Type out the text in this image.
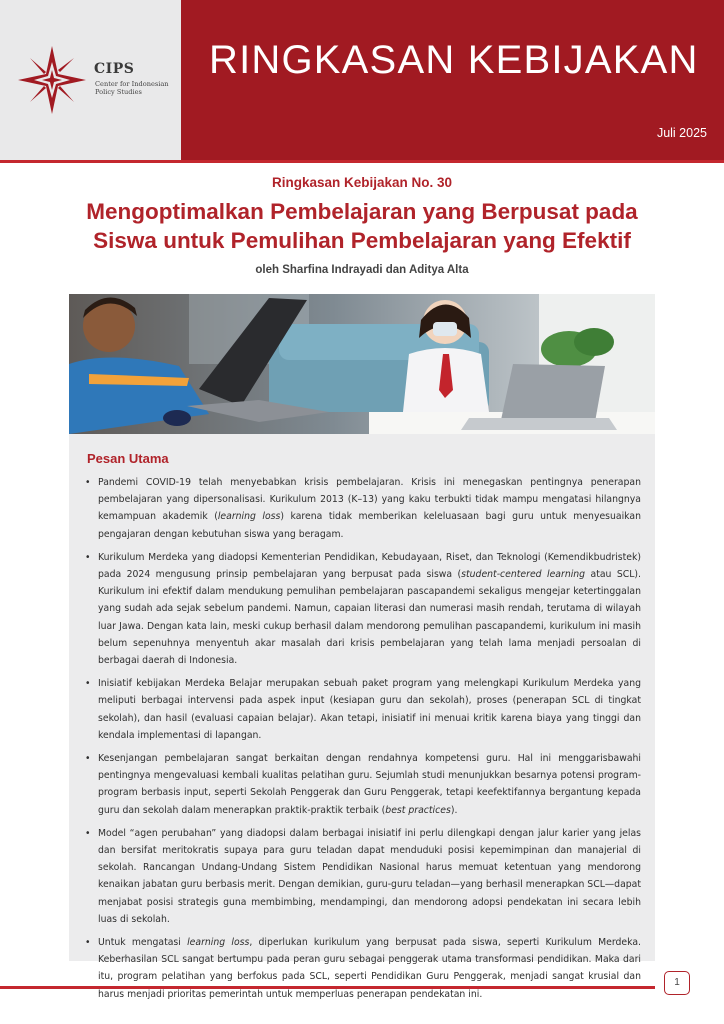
CIPS
Center for Indonesian
Policy Studies
RINGKASAN KEBIJAKAN
Juli 2025
Ringkasan Kebijakan No. 30
Mengoptimalkan Pembelajaran yang Berpusat pada
Siswa untuk Pemulihan Pembelajaran yang Efektif
oleh Sharfina Indrayadi dan Aditya Alta
Pesan Utama
• Pandemi COVID-19 telah menyebabkan krisis pembelajaran. Krisis ini menegaskan pentingnya penerapan pembelajaran yang dipersonalisasi. Kurikulum 2013 (K–13) yang kaku terbukti tidak mampu mengatasi hilangnya kemampuan akademik (learning loss) karena tidak memberikan keleluasaan bagi guru untuk menyesuaikan pengajaran dengan kebutuhan siswa yang beragam.
• Kurikulum Merdeka yang diadopsi Kementerian Pendidikan, Kebudayaan, Riset, dan Teknologi (Kemendikbudristek) pada 2024 mengusung prinsip pembelajaran yang berpusat pada siswa (student-centered learning atau SCL). Kurikulum ini efektif dalam mendukung pemulihan pembelajaran pascapandemi sekaligus mengejar ketertinggalan yang sudah ada sejak sebelum pandemi. Namun, capaian literasi dan numerasi masih rendah, terutama di wilayah luar Jawa. Dengan kata lain, meski cukup berhasil dalam mendorong pemulihan pascapandemi, kurikulum ini masih belum sepenuhnya menyentuh akar masalah dari krisis pembelajaran yang telah lama menjadi persoalan di berbagai daerah di Indonesia.
• Inisiatif kebijakan Merdeka Belajar merupakan sebuah paket program yang melengkapi Kurikulum Merdeka yang meliputi berbagai intervensi pada aspek input (kesiapan guru dan sekolah), proses (penerapan SCL di tingkat sekolah), dan hasil (evaluasi capaian belajar). Akan tetapi, inisiatif ini menuai kritik karena biaya yang tinggi dan kendala implementasi di lapangan.
• Kesenjangan pembelajaran sangat berkaitan dengan rendahnya kompetensi guru. Hal ini menggarisbawahi pentingnya mengevaluasi kembali kualitas pelatihan guru. Sejumlah studi menunjukkan besarnya potensi program-program berbasis input, seperti Sekolah Penggerak dan Guru Penggerak, tetapi keefektifannya bergantung kepada guru dan sekolah dalam menerapkan praktik-praktik terbaik (best practices).
• Model “agen perubahan” yang diadopsi dalam berbagai inisiatif ini perlu dilengkapi dengan jalur karier yang jelas dan bersifat meritokratis supaya para guru teladan dapat menduduki posisi kepemimpinan dan manajerial di sekolah. Rancangan Undang-Undang Sistem Pendidikan Nasional harus memuat ketentuan yang mendorong kenaikan jabatan guru berbasis merit. Dengan demikian, guru-guru teladan—yang berhasil menerapkan SCL—dapat menjabat posisi strategis guna membimbing, mendampingi, dan mendorong adopsi pendekatan ini secara lebih luas di sekolah.
• Untuk mengatasi learning loss, diperlukan kurikulum yang berpusat pada siswa, seperti Kurikulum Merdeka. Keberhasilan SCL sangat bertumpu pada peran guru sebagai penggerak utama transformasi pendidikan. Maka dari itu, program pelatihan yang berfokus pada SCL, seperti Pendidikan Guru Penggerak, menjadi sangat krusial dan harus menjadi prioritas pemerintah untuk memperluas penerapan pendekatan ini.
1
